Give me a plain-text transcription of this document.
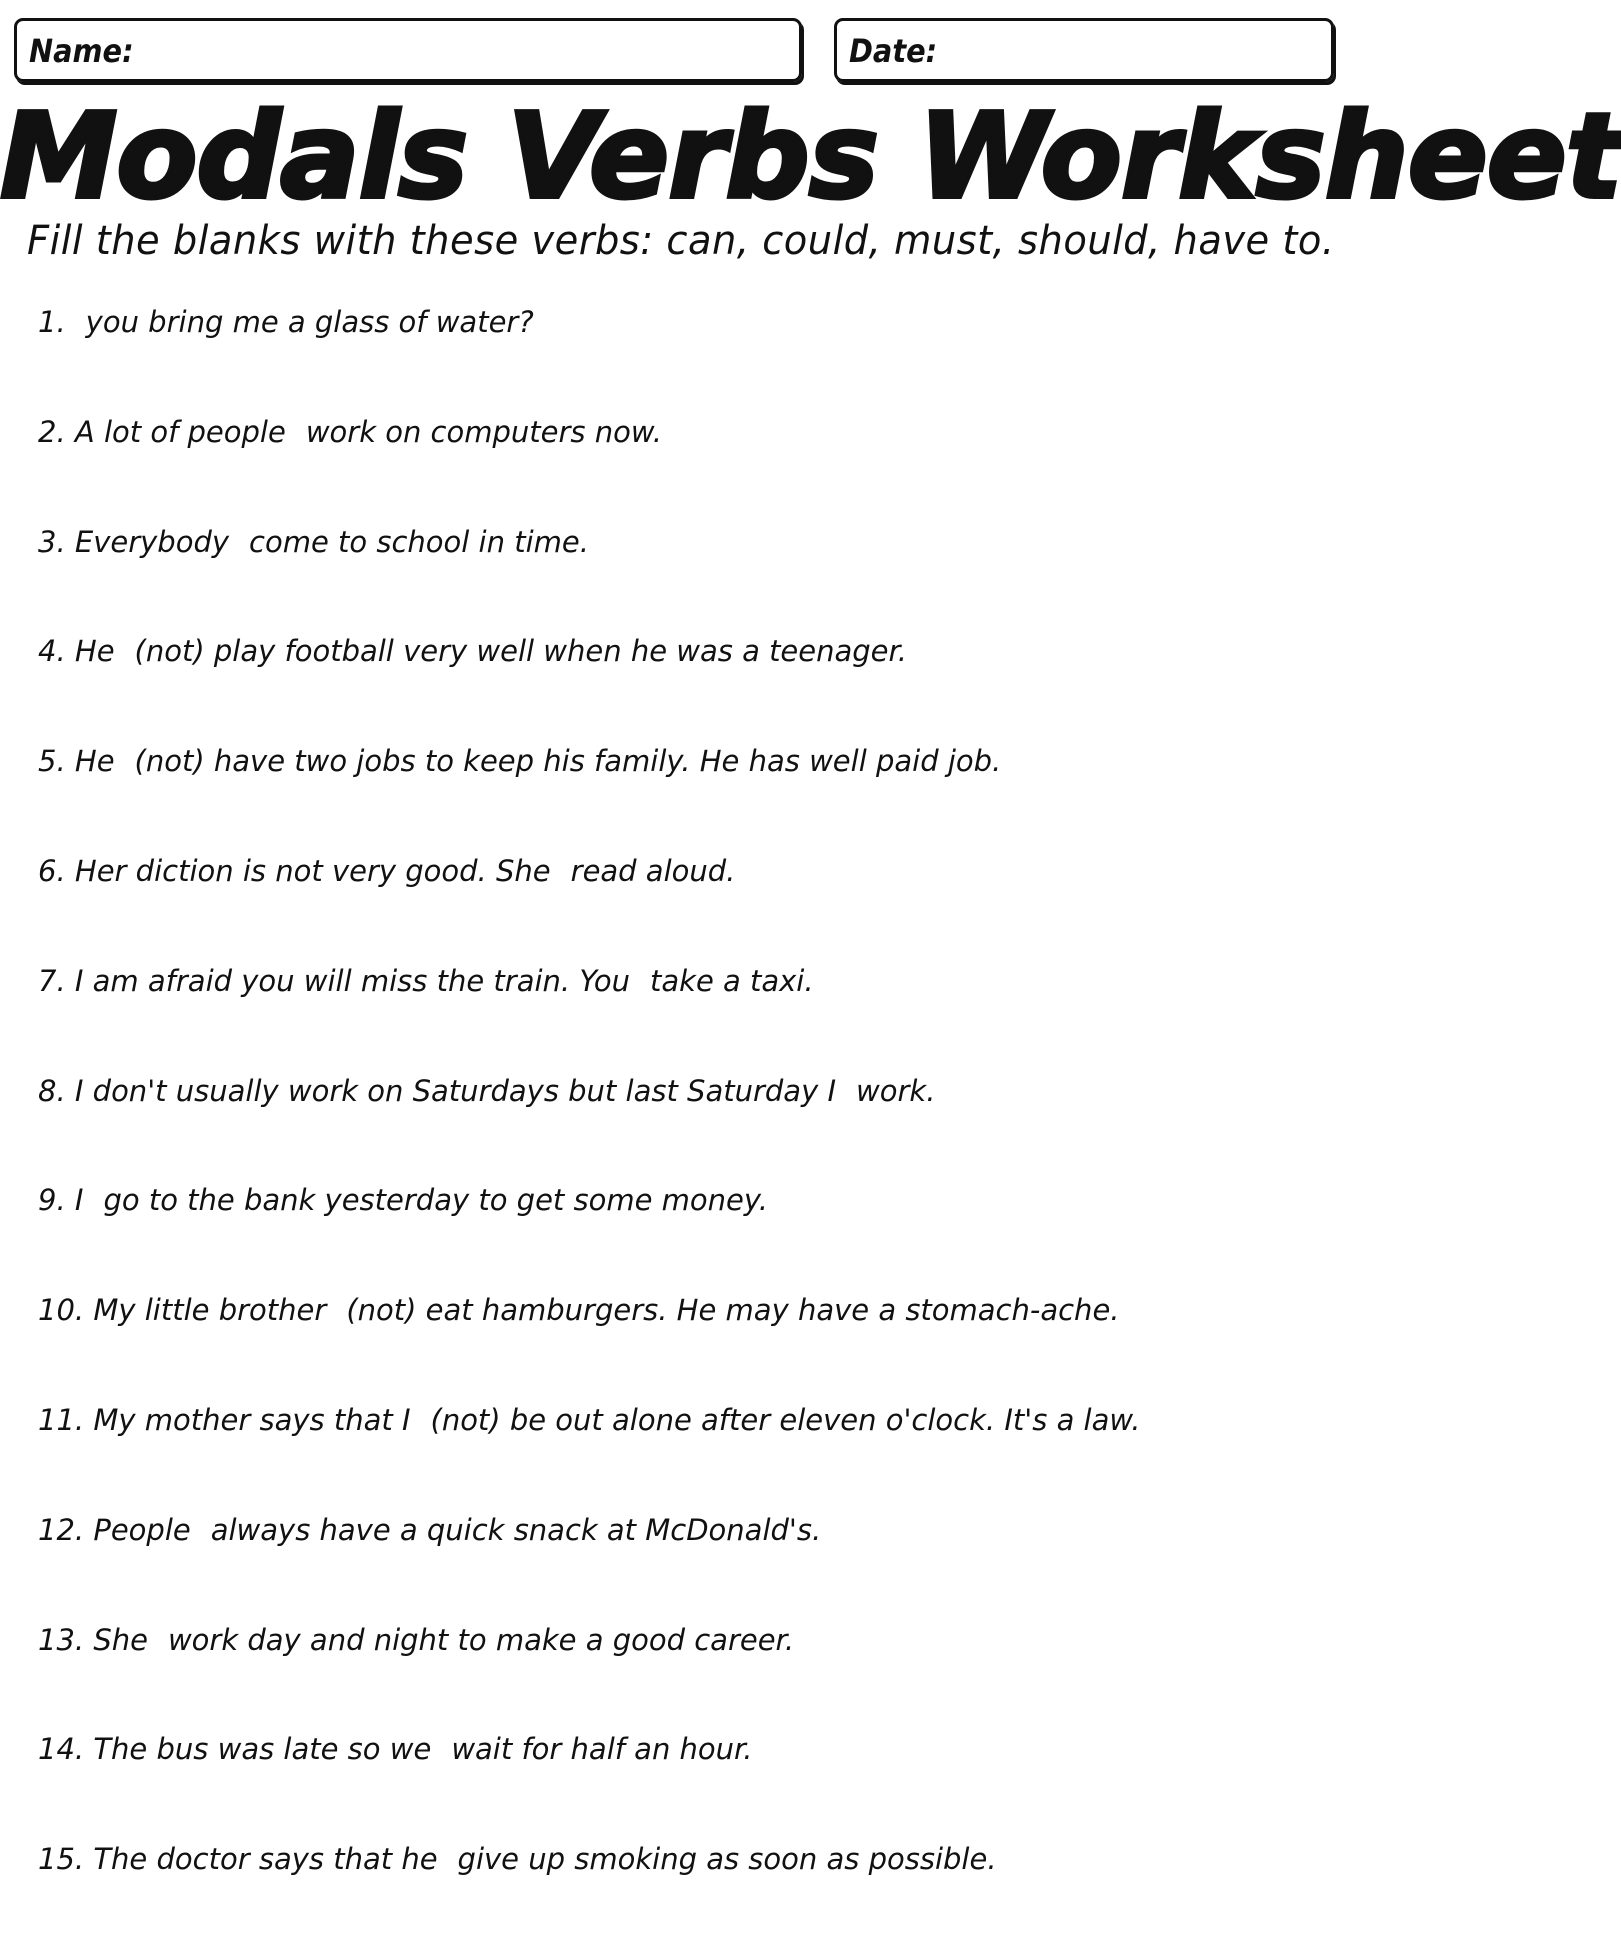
Name:	Date:
Modals Verbs Worksheet
Fill the blanks with these verbs: can, could, must, should, have to.
1. you bring me a glass of water?
2. A lot of people work on computers now.
3. Everybody come to school in time.
4. He (not) play football very well when he was a teenager.
5. He (not) have two jobs to keep his family. He has well paid job.
6. Her diction is not very good. She read aloud.
7. I am afraid you will miss the train. You take a taxi.
8. I don't usually work on Saturdays but last Saturday I work.
9. I go to the bank yesterday to get some money.
10. My little brother (not) eat hamburgers. He may have a stomach-ache.
11. My mother says that I (not) be out alone after eleven o'clock. It's a law.
12. People always have a quick snack at McDonald's.
13. She work day and night to make a good career.
14. The bus was late so we wait for half an hour.
15. The doctor says that he give up smoking as soon as possible.
